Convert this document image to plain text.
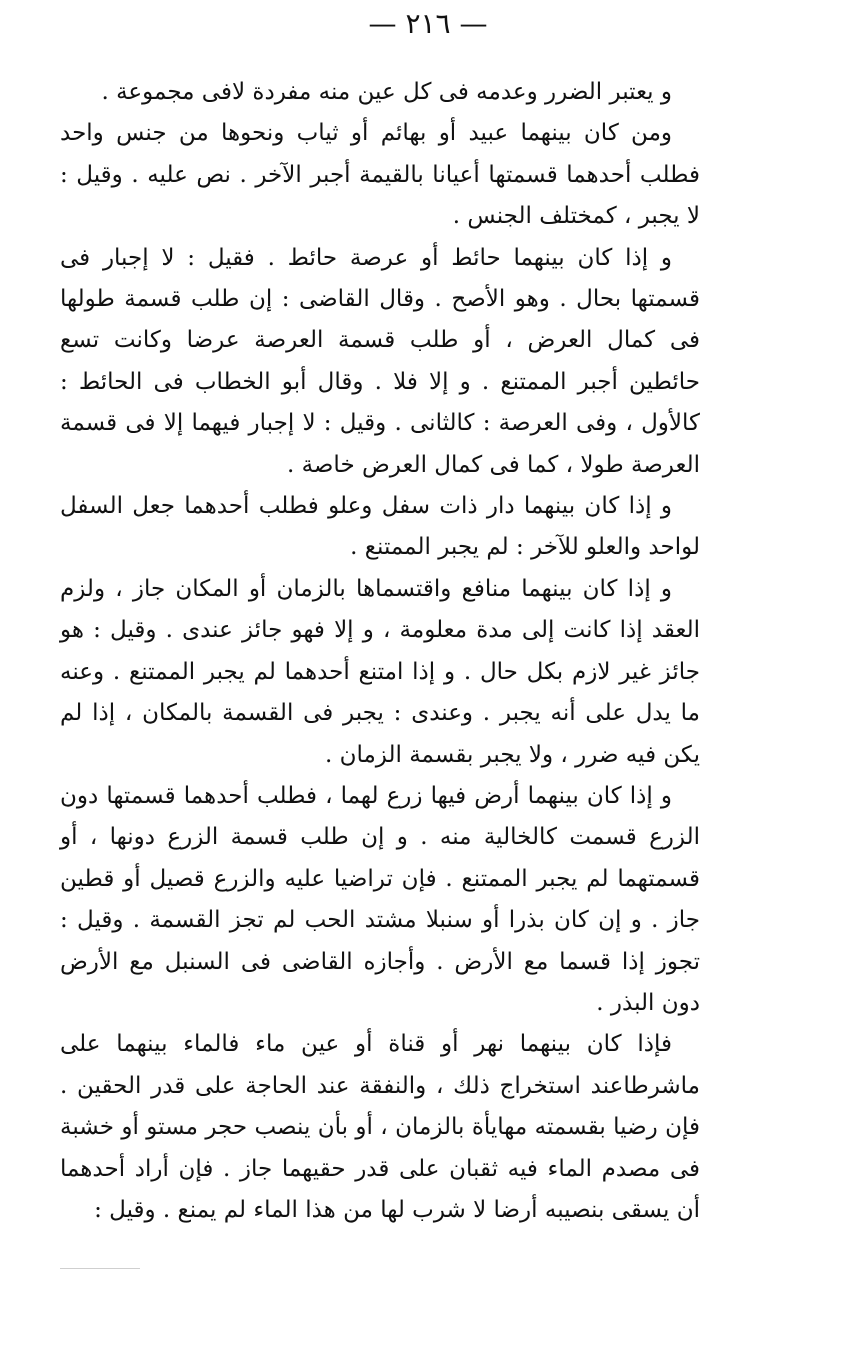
— ٢١٦ —

و يعتبر الضرر وعدمه فى كل عين منه مفردة لافى مجموعة .

ومن كان بينهما عبيد أو بهائم أو ثياب ونحوها من جنس واحد فطلب أحدهما قسمتها أعيانا بالقيمة أجبر الآخر . نص عليه . وقيل : لا يجبر ، كمختلف الجنس .

و إذا كان بينهما حائط أو عرصة حائط . فقيل : لا إجبار فى قسمتها بحال . وهو الأصح . وقال القاضى : إن طلب قسمة طولها فى كمال العرض ، أو طلب قسمة العرصة عرضا وكانت تسع حائطين أجبر الممتنع . و إلا فلا . وقال أبو الخطاب فى الحائط : كالأول ، وفى العرصة : كالثانى . وقيل : لا إجبار فيهما إلا فى قسمة العرصة طولا ، كما فى كمال العرض خاصة .

و إذا كان بينهما دار ذات سفل وعلو فطلب أحدهما جعل السفل لواحد والعلو للآخر : لم يجبر الممتنع .

و إذا كان بينهما منافع واقتسماها بالزمان أو المكان جاز ، ولزم العقد إذا كانت إلى مدة معلومة ، و إلا فهو جائز عندى . وقيل : هو جائز غير لازم بكل حال . و إذا امتنع أحدهما لم يجبر الممتنع . وعنه ما يدل على أنه يجبر . وعندى : يجبر فى القسمة بالمكان ، إذا لم يكن فيه ضرر ، ولا يجبر بقسمة الزمان .

و إذا كان بينهما أرض فيها زرع لهما ، فطلب أحدهما قسمتها دون الزرع قسمت كالخالية منه . و إن طلب قسمة الزرع دونها ، أو قسمتهما لم يجبر الممتنع . فإن تراضيا عليه والزرع قصيل أو قطين جاز . و إن كان بذرا أو سنبلا مشتد الحب لم تجز القسمة . وقيل : تجوز إذا قسما مع الأرض . وأجازه القاضى فى السنبل مع الأرض دون البذر .

فإذا كان بينهما نهر أو قناة أو عين ماء فالماء بينهما على ماشرطاعند استخراج ذلك ، والنفقة عند الحاجة على قدر الحقين . فإن رضيا بقسمته مهايأة بالزمان ، أو بأن ينصب حجر مستو أو خشبة فى مصدم الماء فيه ثقبان على قدر حقيهما جاز . فإن أراد أحدهما أن يسقى بنصيبه أرضا لا شرب لها من هذا الماء لم يمنع . وقيل :
